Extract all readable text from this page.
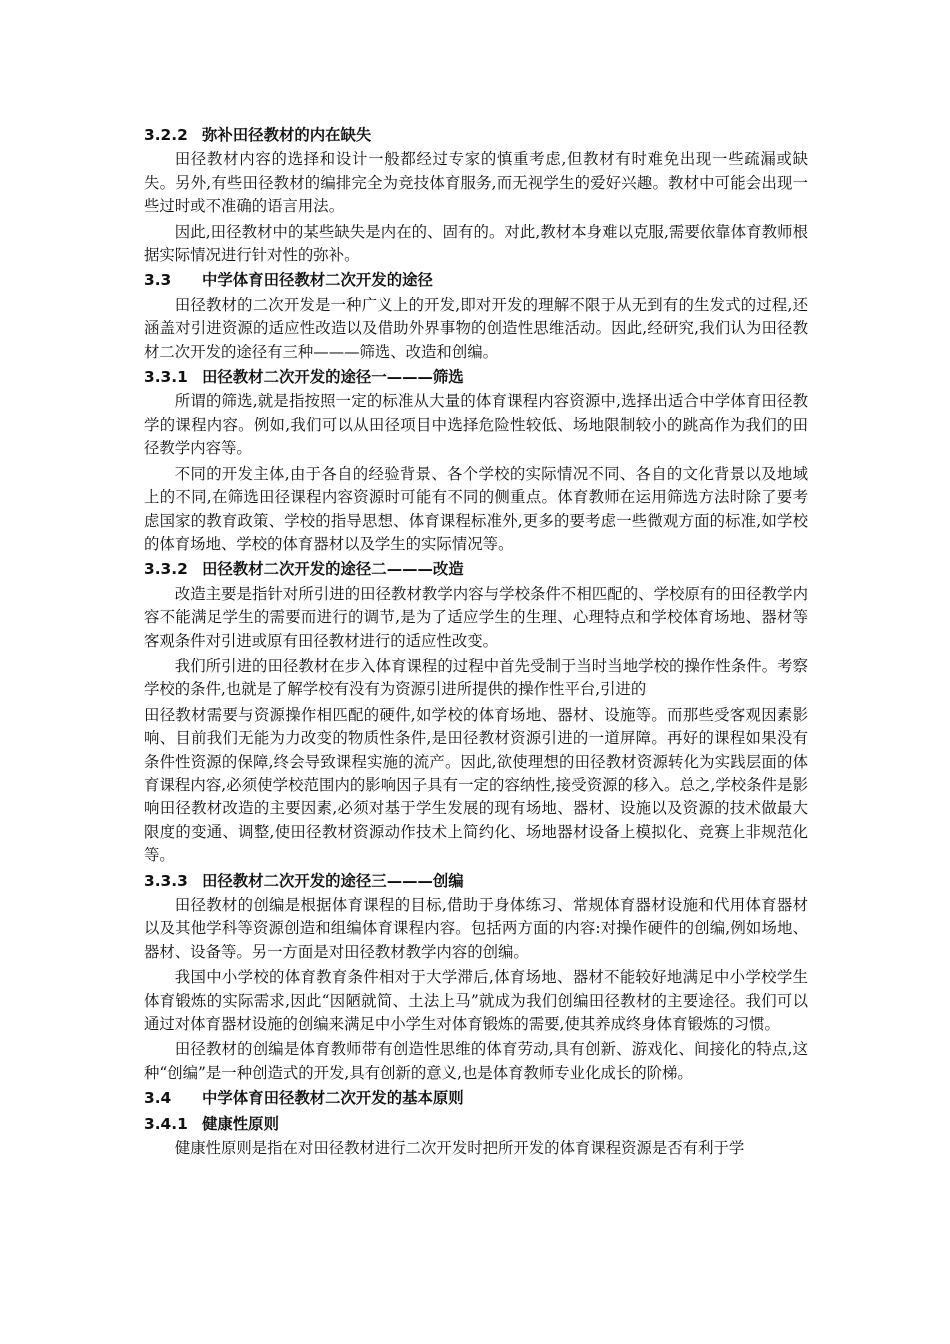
3.2.2 弥补田径教材的内在缺失
田径教材内容的选择和设计一般都经过专家的慎重考虑,但教材有时难免出现一些疏漏或缺失。另外,有些田径教材的编排完全为竞技体育服务,而无视学生的爱好兴趣。教材中可能会出现一些过时或不准确的语言用法。
因此,田径教材中的某些缺失是内在的、固有的。对此,教材本身难以克服,需要依靠体育教师根据实际情况进行针对性的弥补。
3.3 中学体育田径教材二次开发的途径
田径教材的二次开发是一种广义上的开发,即对开发的理解不限于从无到有的生发式的过程,还涵盖对引进资源的适应性改造以及借助外界事物的创造性思维活动。因此,经研究,我们认为田径教材二次开发的途径有三种———筛选、改造和创编。
3.3.1 田径教材二次开发的途径一———筛选
所谓的筛选,就是指按照一定的标准从大量的体育课程内容资源中,选择出适合中学体育田径教学的课程内容。例如,我们可以从田径项目中选择危险性较低、场地限制较小的跳高作为我们的田径教学内容等。
不同的开发主体,由于各自的经验背景、各个学校的实际情况不同、各自的文化背景以及地域上的不同,在筛选田径课程内容资源时可能有不同的侧重点。体育教师在运用筛选方法时除了要考虑国家的教育政策、学校的指导思想、体育课程标准外,更多的要考虑一些微观方面的标准,如学校的体育场地、学校的体育器材以及学生的实际情况等。
3.3.2 田径教材二次开发的途径二———改造
改造主要是指针对所引进的田径教材教学内容与学校条件不相匹配的、学校原有的田径教学内容不能满足学生的需要而进行的调节,是为了适应学生的生理、心理特点和学校体育场地、器材等客观条件对引进或原有田径教材进行的适应性改变。
我们所引进的田径教材在步入体育课程的过程中首先受制于当时当地学校的操作性条件。考察学校的条件,也就是了解学校有没有为资源引进所提供的操作性平台,引进的
田径教材需要与资源操作相匹配的硬件,如学校的体育场地、器材、设施等。而那些受客观因素影响、目前我们无能为力改变的物质性条件,是田径教材资源引进的一道屏障。再好的课程如果没有条件性资源的保障,终会导致课程实施的流产。因此,欲使理想的田径教材资源转化为实践层面的体育课程内容,必须使学校范围内的影响因子具有一定的容纳性,接受资源的移入。总之,学校条件是影响田径教材改造的主要因素,必须对基于学生发展的现有场地、器材、设施以及资源的技术做最大限度的变通、调整,使田径教材资源动作技术上简约化、场地器材设备上模拟化、竞赛上非规范化等。
3.3.3 田径教材二次开发的途径三———创编
田径教材的创编是根据体育课程的目标,借助于身体练习、常规体育器材设施和代用体育器材以及其他学科等资源创造和组编体育课程内容。包括两方面的内容:对操作硬件的创编,例如场地、器材、设备等。另一方面是对田径教材教学内容的创编。
我国中小学校的体育教育条件相对于大学滞后,体育场地、器材不能较好地满足中小学校学生体育锻炼的实际需求,因此“因陋就简、土法上马”就成为我们创编田径教材的主要途径。我们可以通过对体育器材设施的创编来满足中小学生对体育锻炼的需要,使其养成终身体育锻炼的习惯。
田径教材的创编是体育教师带有创造性思维的体育劳动,具有创新、游戏化、间接化的特点,这种“创编”是一种创造式的开发,具有创新的意义,也是体育教师专业化成长的阶梯。
3.4 中学体育田径教材二次开发的基本原则
3.4.1 健康性原则
健康性原则是指在对田径教材进行二次开发时把所开发的体育课程资源是否有利于学
